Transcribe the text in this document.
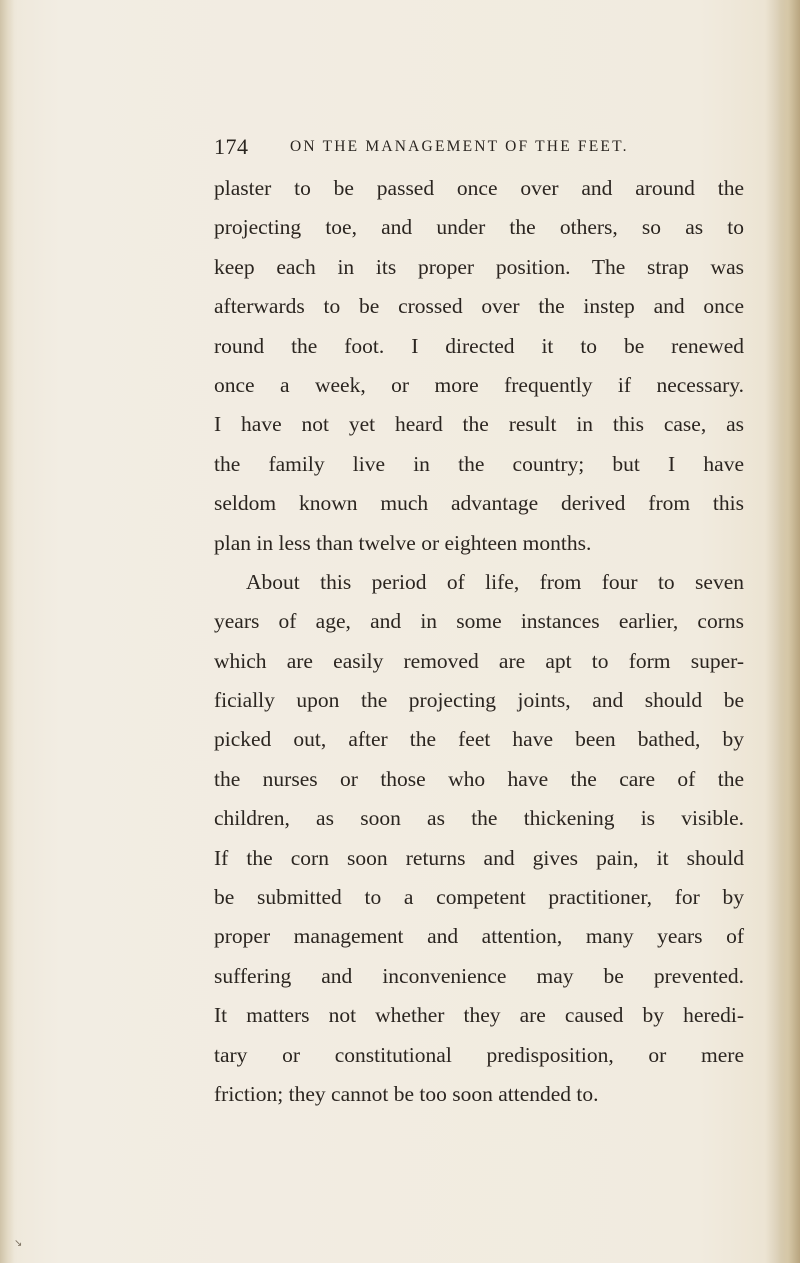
174	ON THE MANAGEMENT OF THE FEET.
plaster to be passed once over and around the
projecting toe, and under the others, so as to
keep each in its proper position. The strap was
afterwards to be crossed over the instep and once
round the foot. I directed it to be renewed
once a week, or more frequently if necessary.
I have not yet heard the result in this case, as
the family live in the country; but I have
seldom known much advantage derived from this
plan in less than twelve or eighteen months.
About this period of life, from four to seven
years of age, and in some instances earlier, corns
which are easily removed are apt to form super-
ficially upon the projecting joints, and should be
picked out, after the feet have been bathed, by
the nurses or those who have the care of the
children, as soon as the thickening is visible.
If the corn soon returns and gives pain, it should
be submitted to a competent practitioner, for by
proper management and attention, many years of
suffering and inconvenience may be prevented.
It matters not whether they are caused by heredi-
tary or constitutional predisposition, or mere
friction; they cannot be too soon attended to.
↘
